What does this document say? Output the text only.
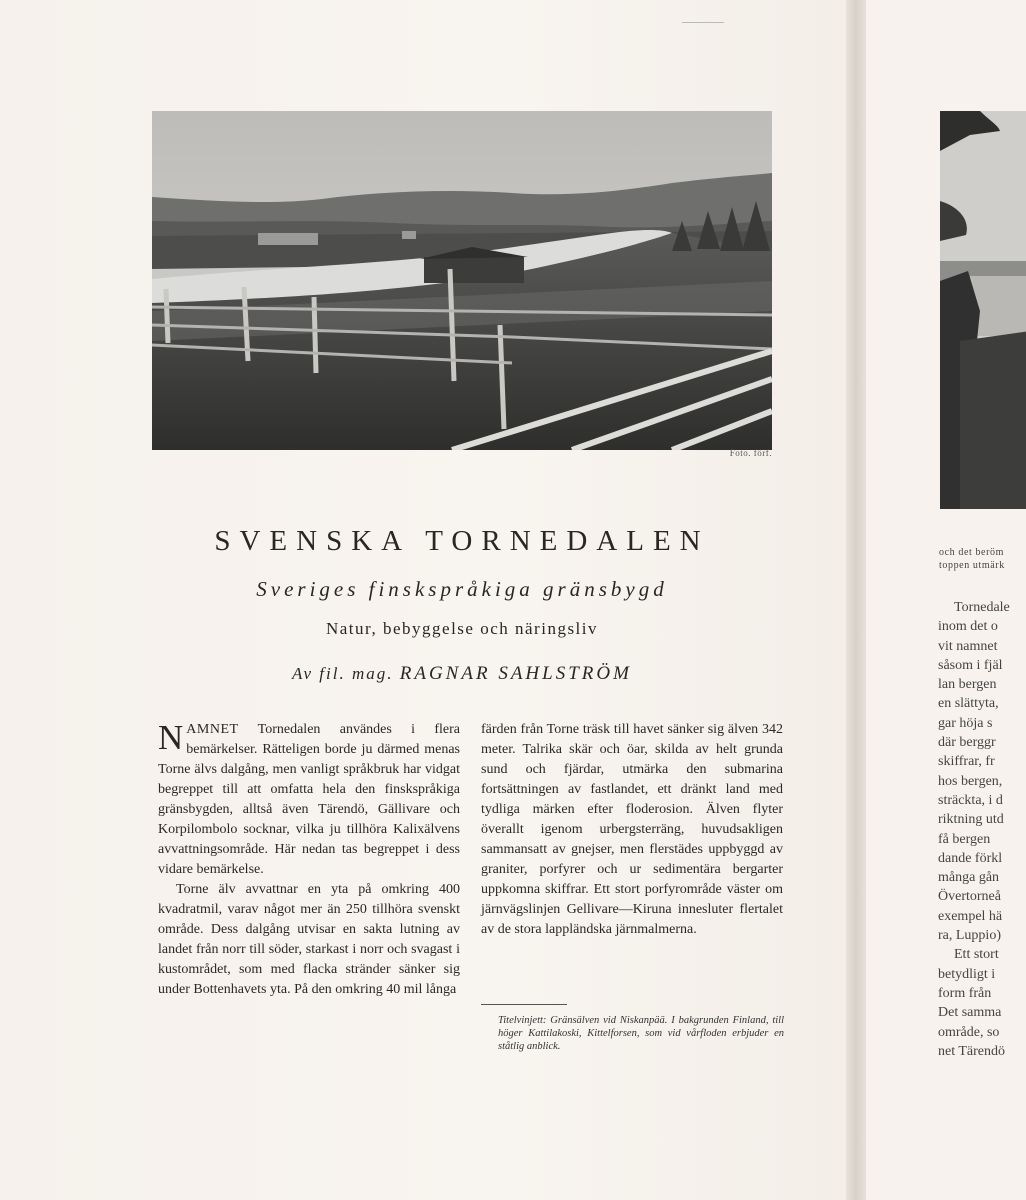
Foto. förf.
SVENSKA TORNEDALEN
Sveriges finskspråkiga gränsbygd
Natur, bebyggelse och näringsliv
Av fil. mag. RAGNAR SAHLSTRÖM

NAMNET Tornedalen användes i flera bemärkelser. Rätteligen borde ju därmed menas Torne älvs dalgång, men vanligt språkbruk har vidgat begreppet till att omfatta hela den finskspråkiga gränsbygden, alltså även Tärendö, Gällivare och Korpilombolo socknar, vilka ju tillhöra Kalixälvens avvattningsområde. Här nedan tas begreppet i dess vidare bemärkelse.

Torne älv avvattnar en yta på omkring 400 kvadratmil, varav något mer än 250 tillhöra svenskt område. Dess dalgång utvisar en sakta lutning av landet från norr till söder, starkast i norr och svagast i kustområdet, som med flacka stränder sänker sig under Bottenhavets yta. På den omkring 40 mil långa

färden från Torne träsk till havet sänker sig älven 342 meter. Talrika skär och öar, skilda av helt grunda sund och fjärdar, utmärka den submarina fortsättningen av fastlandet, ett dränkt land med tydliga märken efter floderosion. Älven flyter överallt igenom urbergsterräng, huvudsakligen sammansatt av gnejser, men flerstädes uppbyggd av graniter, porfyrer och ur sedimentära bergarter uppkomna skiffrar. Ett stort porfyrområde väster om järnvägslinjen Gellivare—Kiruna innesluter flertalet av de stora lappländska järnmalmerna.

Titelvinjett: Gränsälven vid Niskanpää. I bakgrunden Finland, till höger Kattilakoski, Kittelforsen, som vid vårfloden erbjuder en ståtlig anblick.
och det beröm
toppen utmärk
Tornedale
inom det o
vit namnet
såsom i fjäl
lan bergen
en slättyta,
gar höja s
där berggr
skiffrar, fr
hos bergen,
sträckta, i d
riktning utd
få bergen
dande förkl
många gån
Övertorneå
exempel hä
ra, Luppio)
Ett stort
betydligt i
form från
Det samma
område, so
net Tärendö
